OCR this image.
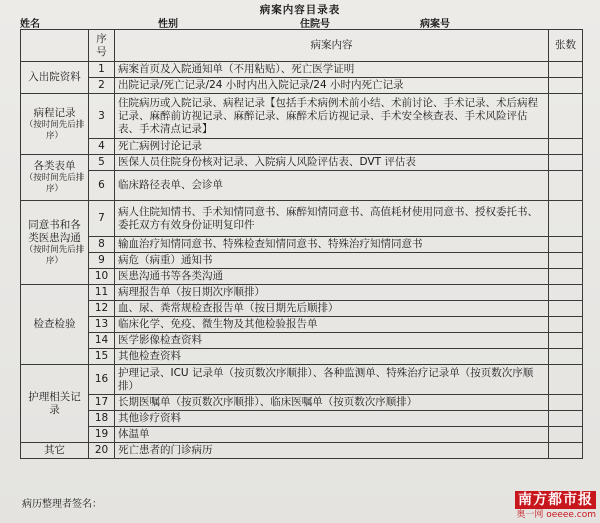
病案内容目录表
姓名	性别	住院号	病案号
	序号	病案内容	张数
入出院资料	1	病案首页及入院通知单（不用粘贴）、死亡医学证明	
	2	出院记录/死亡记录/24 小时内出入院记录/24 小时内死亡记录	
病程记录
（按时间先后排序）	3	住院病历或入院记录、病程记录【包括手术病例术前小结、术前讨论、手术记录、术后病程记录、麻醉前访视记录、麻醉记录、麻醉术后访视记录、手术安全核查表、手术风险评估表、手术清点记录】	
	4	死亡病例讨论记录	
各类表单
（按时间先后排序）	5	医保人员住院身份核对记录、入院病人风险评估表、DVT 评估表	
	6	临床路径表单、会诊单	
同意书和各类医患沟通
（按时间先后排序）	7	病人住院知情书、手术知情同意书、麻醉知情同意书、高值耗材使用同意书、授权委托书、委托双方有效身份证明复印件	
	8	输血治疗知情同意书、特殊检查知情同意书、特殊治疗知情同意书	
	9	病危（病重）通知书	
	10	医患沟通书等各类沟通	
检查检验	11	病理报告单（按日期次序顺排）	
	12	血、尿、粪常规检查报告单（按日期先后顺排）	
	13	临床化学、免疫、微生物及其他检验报告单	
	14	医学影像检查资料	
	15	其他检查资料	
护理相关记录	16	护理记录、ICU 记录单（按页数次序顺排）、各种监测单、特殊治疗记录单（按页数次序顺排）	
	17	长期医嘱单（按页数次序顺排）、临床医嘱单（按页数次序顺排）	
	18	其他诊疗资料	
	19	体温单	
其它	20	死亡患者的门诊病历	
病历整理者签名：	南方都市报
奥一网 oeeee.com
